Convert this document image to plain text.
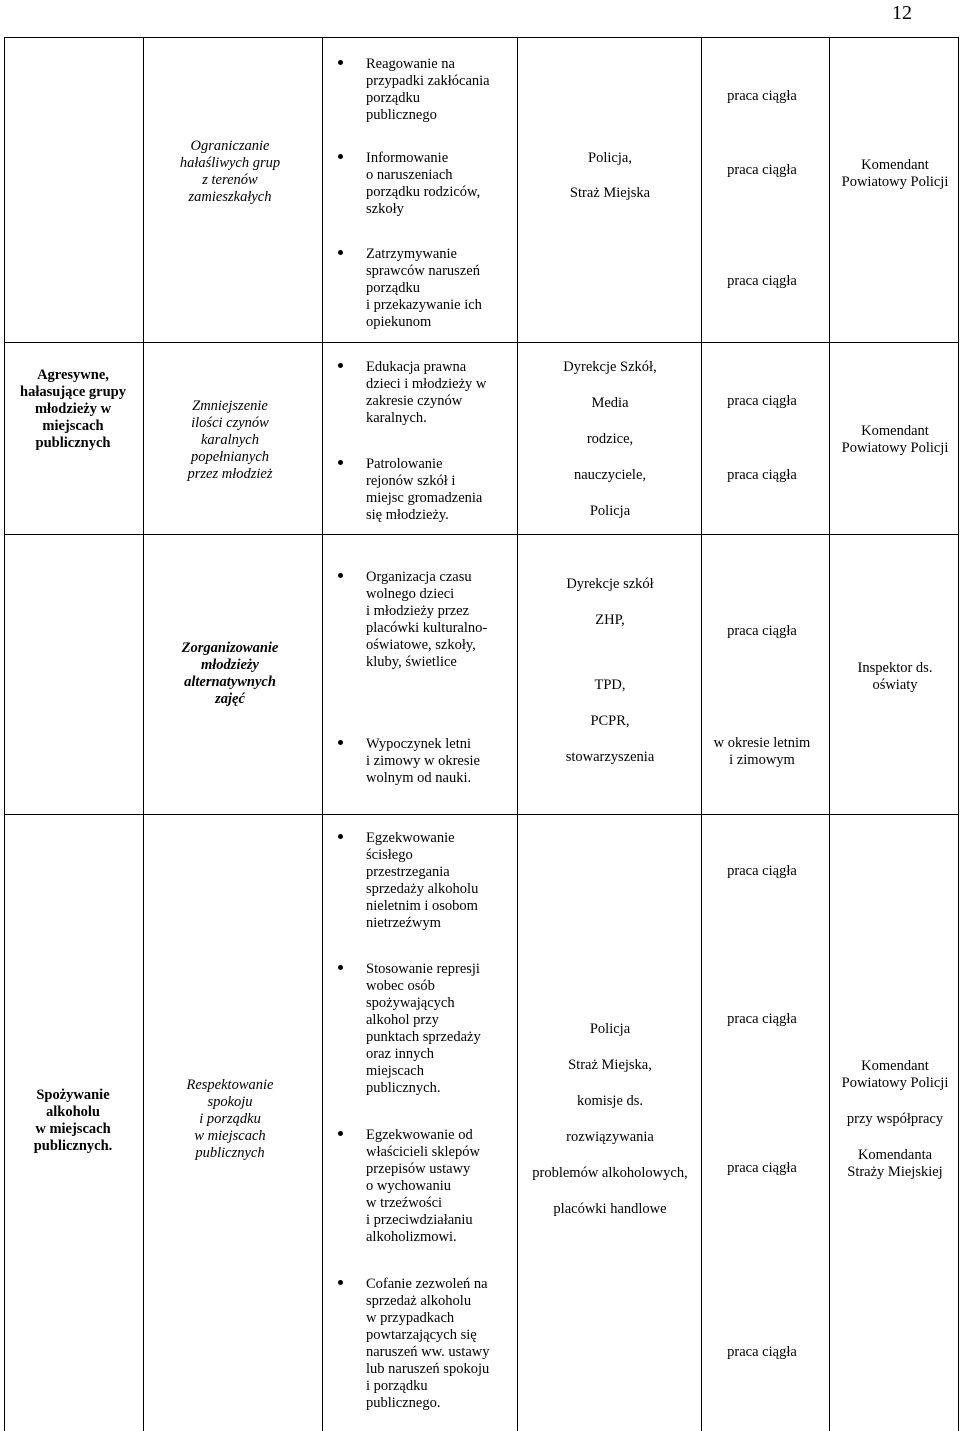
12
Ograniczanie
hałaśliwych grup
z terenów
zamieszkałych
Reagowanie na
przypadki zakłócania
porządku
publicznego
Informowanie
o naruszeniach
porządku rodziców,
szkoły
Zatrzymywanie
sprawców naruszeń
porządku
i przekazywanie ich
opiekunom
Policja,
Straż Miejska
praca ciągła
praca ciągła
praca ciągła
Komendant
Powiatowy Policji
Agresywne,
hałasujące grupy
młodzieży w
miejscach
publicznych
Zmniejszenie
ilości czynów
karalnych
popełnianych
przez młodzież
Edukacja prawna
dzieci i młodzieży w
zakresie czynów
karalnych.
Patrolowanie
rejonów szkół i
miejsc gromadzenia
się młodzieży.
Dyrekcje Szkół,
Media
rodzice,
nauczyciele,
Policja
praca ciągła
praca ciągła
Komendant
Powiatowy Policji
Zorganizowanie
młodzieży
alternatywnych
zajęć
Organizacja czasu
wolnego dzieci
i młodzieży przez
placówki kulturalno-
oświatowe, szkoły,
kluby, świetlice
Wypoczynek letni
i zimowy w okresie
wolnym od nauki.
Dyrekcje szkół
ZHP,
TPD,
PCPR,
stowarzyszenia
praca ciągła
w okresie letnim
i zimowym
Inspektor ds.
oświaty
Spożywanie
alkoholu
w miejscach
publicznych.
Respektowanie
spokoju
i porządku
w miejscach
publicznych
Egzekwowanie
ścisłego
przestrzegania
sprzedaży alkoholu
nieletnim i osobom
nietrzeźwym
Stosowanie represji
wobec osób
spożywających
alkohol przy
punktach sprzedaży
oraz innych
miejscach
publicznych.
Egzekwowanie od
właścicieli sklepów
przepisów ustawy
o wychowaniu
w trzeźwości
i przeciwdziałaniu
alkoholizmowi.
Cofanie zezwoleń na
sprzedaż alkoholu
w przypadkach
powtarzających się
naruszeń ww. ustawy
lub naruszeń spokoju
i porządku
publicznego.
Policja
Straż Miejska,
komisje ds.
rozwiązywania
problemów alkoholowych,
placówki handlowe
praca ciągła
praca ciągła
praca ciągła
praca ciągła
Komendant
Powiatowy Policji
przy współpracy
Komendanta
Straży Miejskiej
